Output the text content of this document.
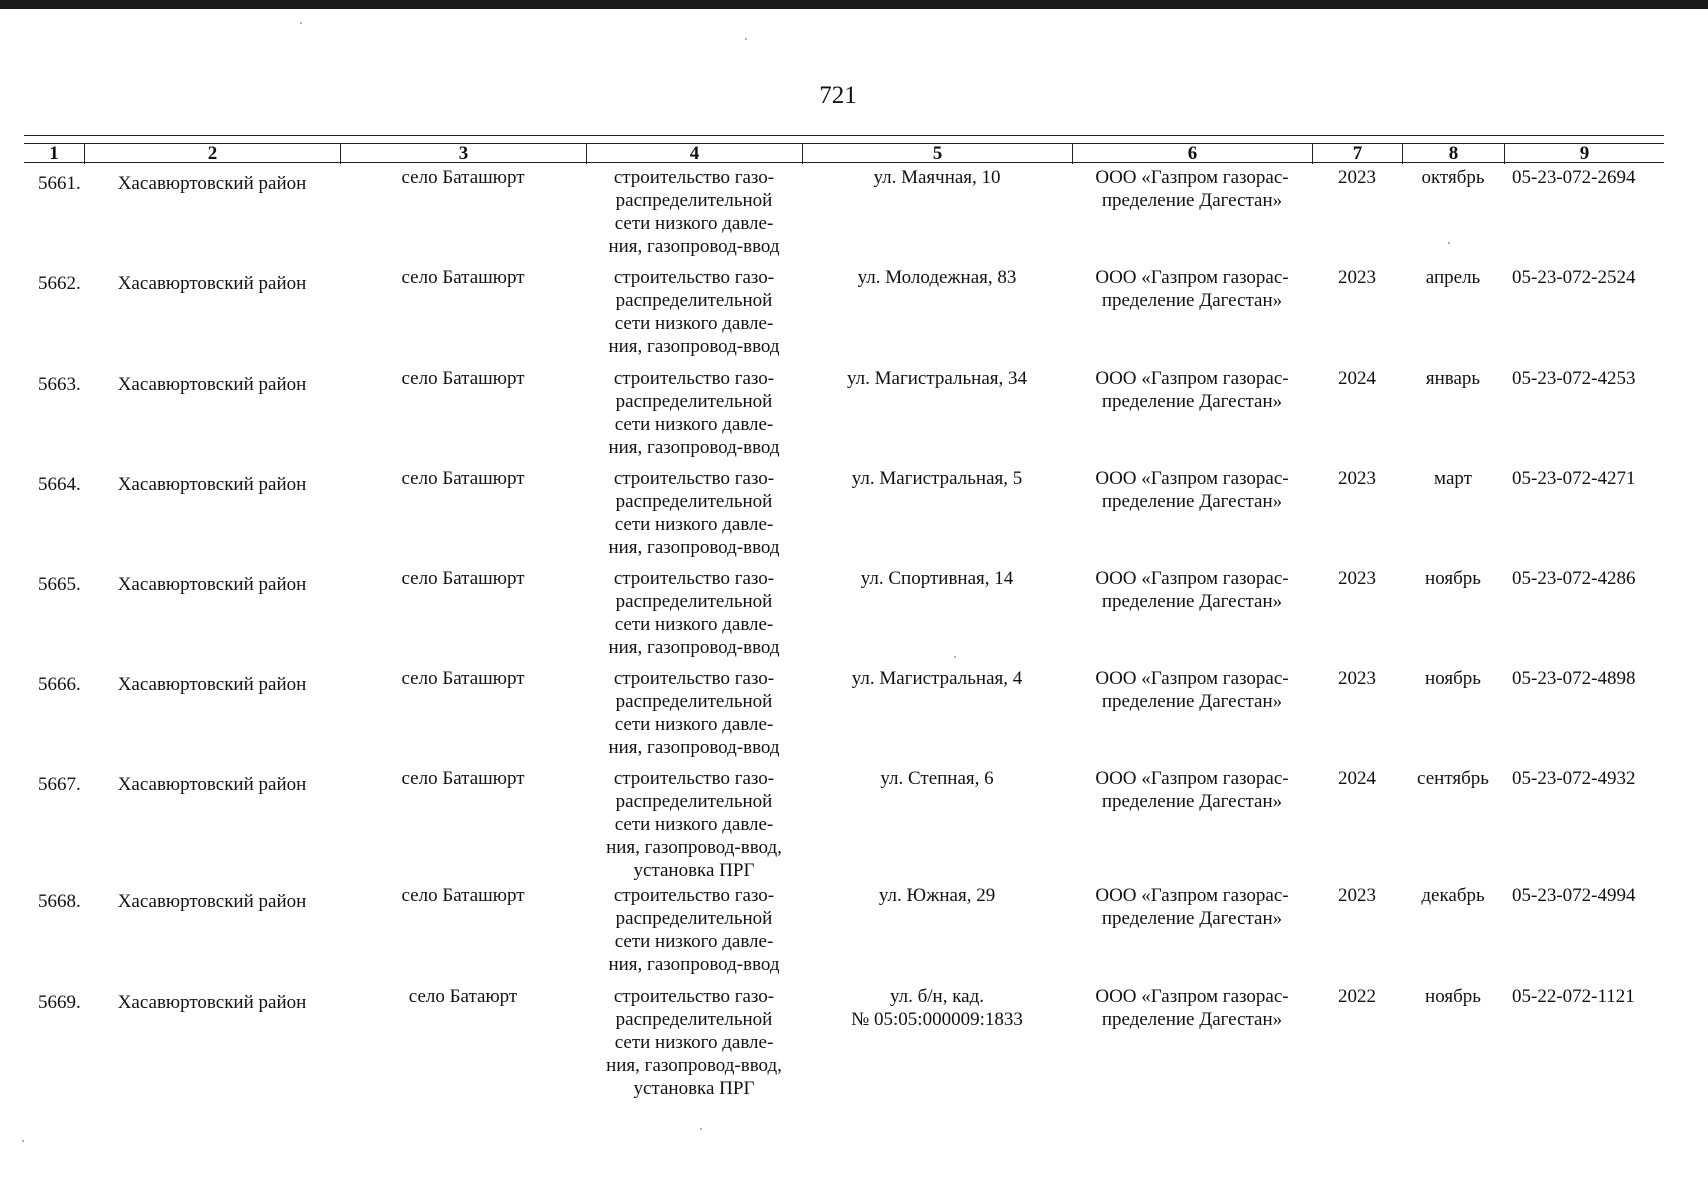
721
1	2	3	4	5	6	7	8	9
5661.	Хасавюртовский район	село Баташюрт	строительство газо-
распределительной
сети низкого давле-
ния, газопровод-ввод
ул. Маячная, 10	ООО «Газпром газорас-
пределение Дагестан»
2023	октябрь	05-23-072-2694
5662.	Хасавюртовский район	село Баташюрт	строительство газо-
распределительной
сети низкого давле-
ния, газопровод-ввод
ул. Молодежная, 83	ООО «Газпром газорас-
пределение Дагестан»
2023	апрель	05-23-072-2524
5663.	Хасавюртовский район	село Баташюрт	строительство газо-
распределительной
сети низкого давле-
ния, газопровод-ввод
ул. Магистральная, 34	ООО «Газпром газорас-
пределение Дагестан»
2024	январь	05-23-072-4253
5664.	Хасавюртовский район	село Баташюрт	строительство газо-
распределительной
сети низкого давле-
ния, газопровод-ввод
ул. Магистральная, 5	ООО «Газпром газорас-
пределение Дагестан»
2023	март	05-23-072-4271
5665.	Хасавюртовский район	село Баташюрт	строительство газо-
распределительной
сети низкого давле-
ния, газопровод-ввод
ул. Спортивная, 14	ООО «Газпром газорас-
пределение Дагестан»
2023	ноябрь	05-23-072-4286
5666.	Хасавюртовский район	село Баташюрт	строительство газо-
распределительной
сети низкого давле-
ния, газопровод-ввод
ул. Магистральная, 4	ООО «Газпром газорас-
пределение Дагестан»
2023	ноябрь	05-23-072-4898
5667.	Хасавюртовский район	село Баташюрт	строительство газо-
распределительной
сети низкого давле-
ния, газопровод-ввод,
установка ПРГ
ул. Степная, 6	ООО «Газпром газорас-
пределение Дагестан»
2024	сентябрь	05-23-072-4932
5668.	Хасавюртовский район	село Баташюрт	строительство газо-
распределительной
сети низкого давле-
ния, газопровод-ввод
ул. Южная, 29	ООО «Газпром газорас-
пределение Дагестан»
2023	декабрь	05-23-072-4994
5669.	Хасавюртовский район	село Батаюрт	строительство газо-
распределительной
сети низкого давле-
ния, газопровод-ввод,
установка ПРГ
ул. б/н, кад.
№ 05:05:000009:1833
ООО «Газпром газорас-
пределение Дагестан»
2022	ноябрь	05-22-072-1121
